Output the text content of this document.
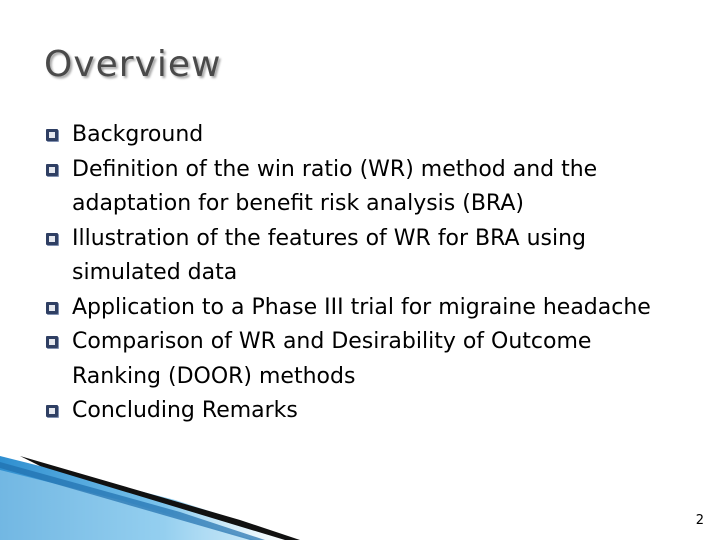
Overview
Background
Definition of the win ratio (WR) method and the adaptation for benefit risk analysis (BRA)
Illustration of the features of WR for BRA using simulated data
Application to a Phase III trial for migraine headache
Comparison of WR and Desirability of Outcome Ranking (DOOR) methods
Concluding Remarks
2
